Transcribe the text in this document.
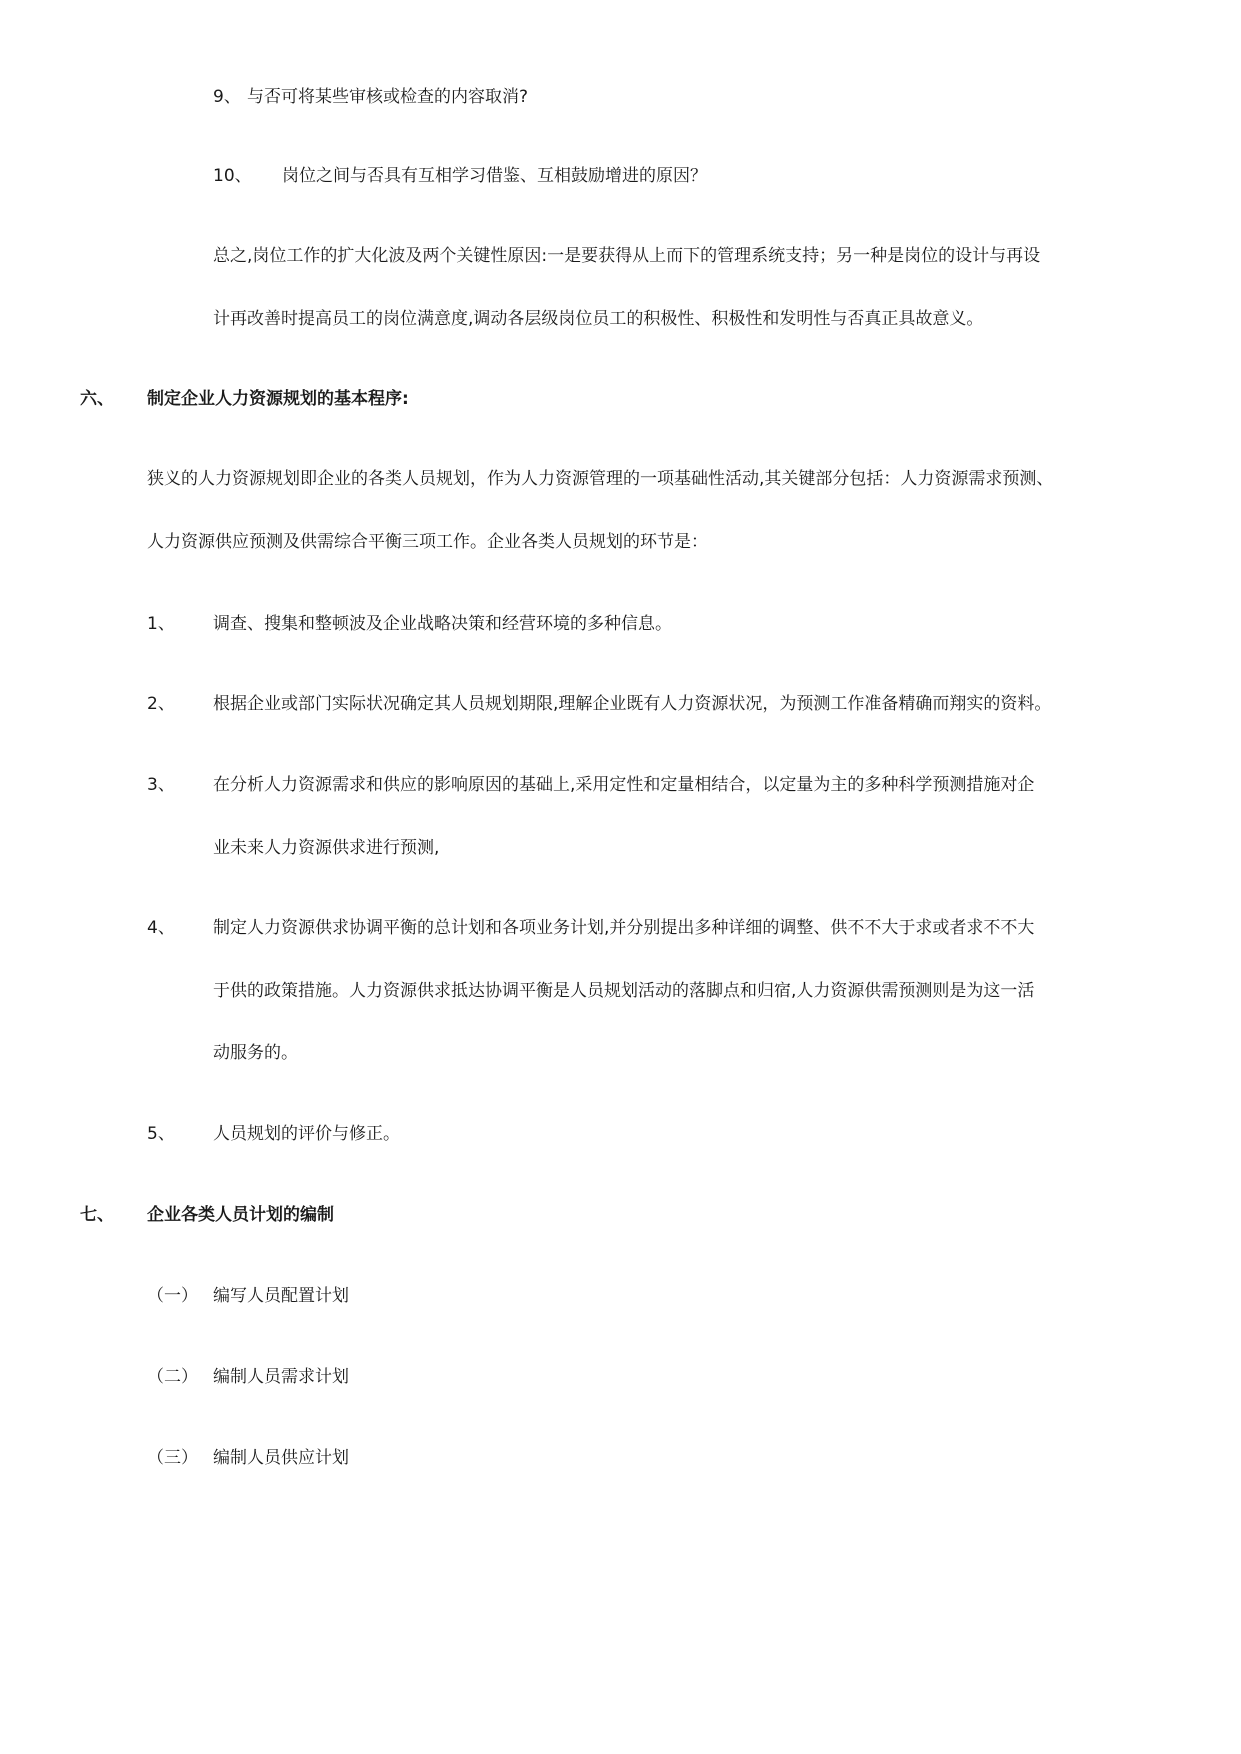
9、 与否可将某些审核或检查的内容取消?
10、 岗位之间与否具有互相学习借鉴、互相鼓励增进的原因？
总之,岗位工作的扩大化波及两个关键性原因:一是要获得从上而下的管理系统支持；另一种是岗位的设计与再设
计再改善时提高员工的岗位满意度,调动各层级岗位员工的积极性、积极性和发明性与否真正具故意义。
六、 制定企业人力资源规划的基本程序:
狭义的人力资源规划即企业的各类人员规划，作为人力资源管理的一项基础性活动,其关键部分包括：人力资源需求预测、
人力资源供应预测及供需综合平衡三项工作。企业各类人员规划的环节是：
1、 调查、搜集和整顿波及企业战略决策和经营环境的多种信息。
2、 根据企业或部门实际状况确定其人员规划期限,理解企业既有人力资源状况，为预测工作准备精确而翔实的资料。
3、 在分析人力资源需求和供应的影响原因的基础上,采用定性和定量相结合，以定量为主的多种科学预测措施对企
业未来人力资源供求进行预测,
4、 制定人力资源供求协调平衡的总计划和各项业务计划,并分别提出多种详细的调整、供不不大于求或者求不不大
于供的政策措施。人力资源供求抵达协调平衡是人员规划活动的落脚点和归宿,人力资源供需预测则是为这一活
动服务的。
5、 人员规划的评价与修正。
七、 企业各类人员计划的编制
（一） 编写人员配置计划
（二） 编制人员需求计划
（三） 编制人员供应计划
